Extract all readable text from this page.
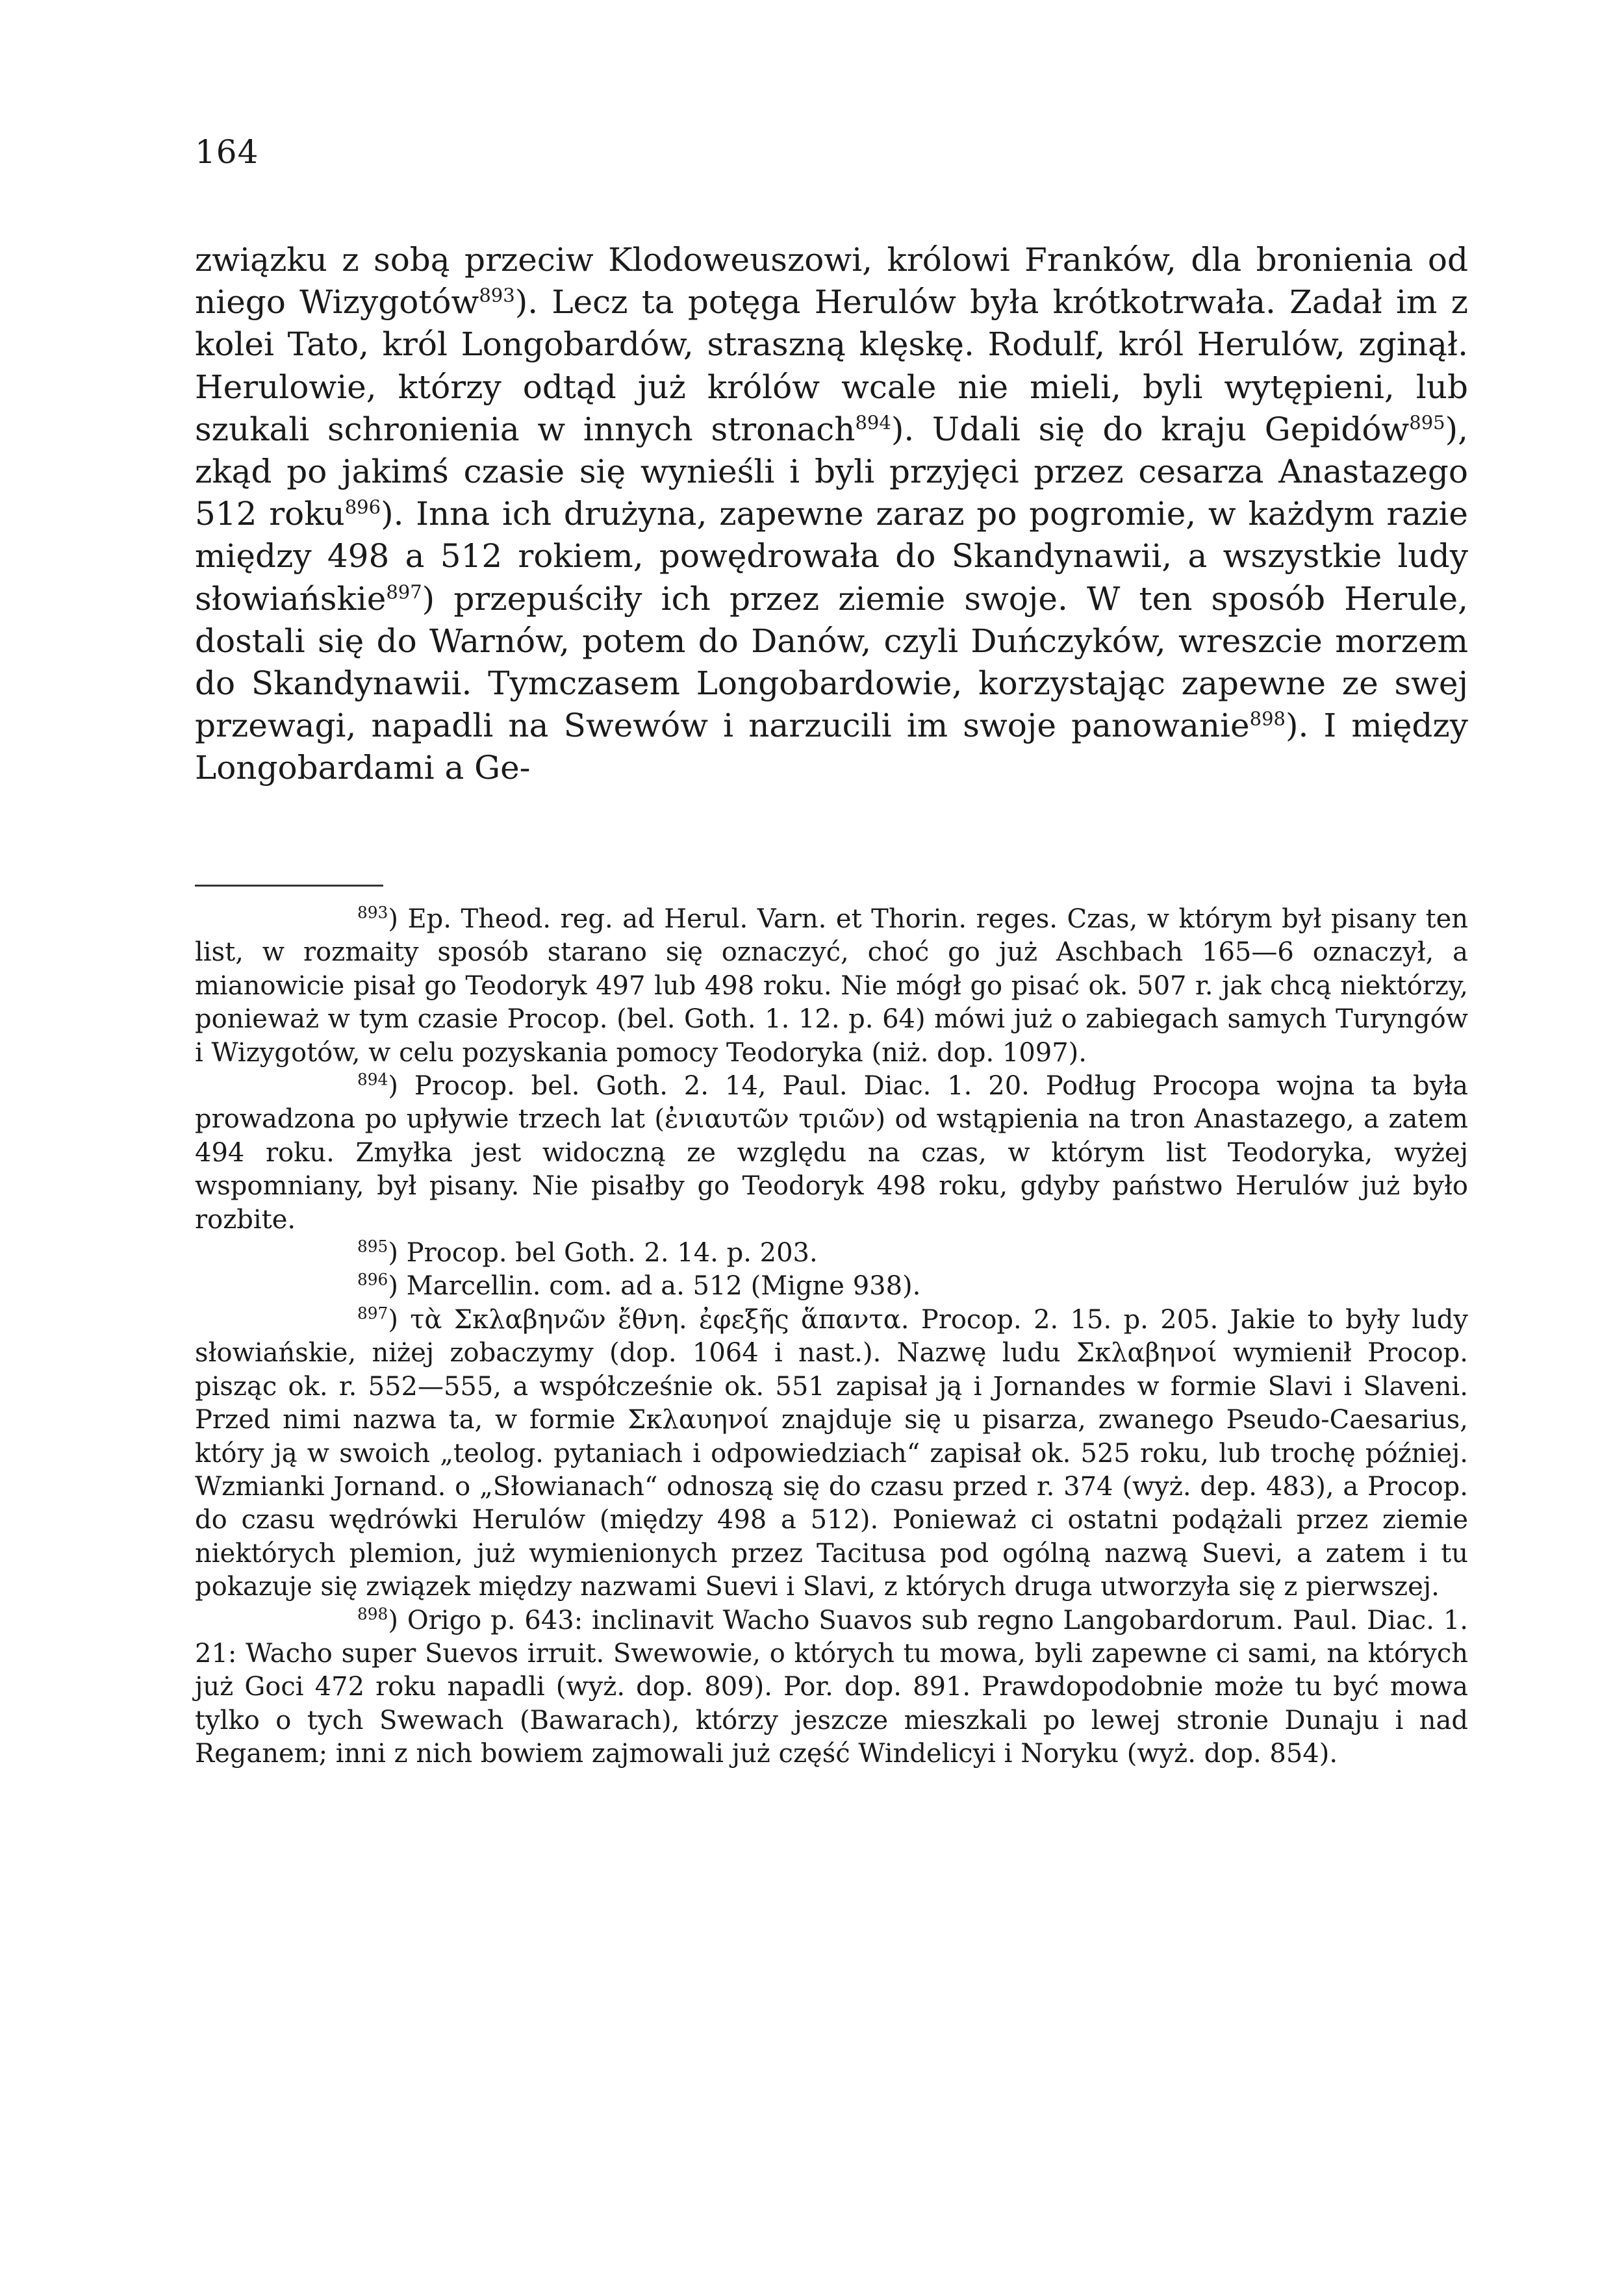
164

związku z sobą przeciw Klodoweuszowi, królowi Franków, dla bronienia od niego Wizygotów$^{893}$). Lecz ta potęga Herulów była krótkotrwała. Zadał im z kolei Tato, król Longobardów, straszną klęskę. Rodulf, król Herulów, zginął. Herulowie, którzy odtąd już królów wcale nie mieli, byli wytępieni, lub szukali schronienia w innych stronach$^{894}$). Udali się do kraju Gepidów$^{895}$), zkąd po jakimś czasie się wynieśli i byli przyjęci przez cesarza Anastazego 512 roku$^{896}$). Inna ich drużyna, zapewne zaraz po pogromie, w każdym razie między 498 a 512 rokiem, powędrowała do Skandynawii, a wszystkie ludy słowiańskie$^{897}$) przepuściły ich przez ziemie swoje. W ten sposób Herule, dostali się do Warnów, potem do Danów, czyli Duńczyków, wreszcie morzem do Skandynawii. Tymczasem Longobardowie, korzystając zapewne ze swej przewagi, napadli na Swewów i narzucili im swoje panowanie$^{898}$). I między Longobardami a Ge-

$^{893}$) Ep. Theod. reg. ad Herul. Varn. et Thorin. reges. Czas, w którym był pisany ten list, w rozmaity sposób starano się oznaczyć, choć go już Aschbach 165—6 oznaczył, a mianowicie pisał go Teodoryk 497 lub 498 roku. Nie mógł go pisać ok. 507 r. jak chcą niektórzy, ponieważ w tym czasie Procop. (bel. Goth. 1. 12. p. 64) mówi już o zabiegach samych Turyngów i Wizygotów, w celu pozyskania pomocy Teodoryka (niż. dop. 1097).

$^{894}$) Procop. bel. Goth. 2. 14, Paul. Diac. 1. 20. Podług Procopa wojna ta była prowadzona po upływie trzech lat (ἐνιαυτῶν τριῶν) od wstąpienia na tron Anastazego, a zatem 494 roku. Zmyłka jest widoczną ze względu na czas, w którym list Teodoryka, wyżej wspomniany, był pisany. Nie pisałby go Teodoryk 498 roku, gdyby państwo Herulów już było rozbite.

$^{895}$) Procop. bel Goth. 2. 14. p. 203.

$^{896}$) Marcellin. com. ad a. 512 (Migne 938).

$^{897}$) τὰ Σκλαβηνῶν ἔθνη. ἐφεξῆς ἅπαντα. Procop. 2. 15. p. 205. Jakie to były ludy słowiańskie, niżej zobaczymy (dop. 1064 i nast.). Nazwę ludu Σκλαβηνοί wymienił Procop. pisząc ok. r. 552—555, a współcześnie ok. 551 zapisał ją i Jornandes w formie Slavi i Slaveni. Przed nimi nazwa ta, w formie Σκλαυηνοί znajduje się u pisarza, zwanego Pseudo-Caesarius, który ją w swoich „teolog. pytaniach i odpowiedziach“ zapisał ok. 525 roku, lub trochę później. Wzmianki Jornand. o „Słowianach“ odnoszą się do czasu przed r. 374 (wyż. dep. 483), a Procop. do czasu wędrówki Herulów (między 498 a 512). Ponieważ ci ostatni podążali przez ziemie niektórych plemion, już wymienionych przez Tacitusa pod ogólną nazwą Suevi, a zatem i tu pokazuje się związek między nazwami Suevi i Slavi, z których druga utworzyła się z pierwszej.

$^{898}$) Origo p. 643: inclinavit Wacho Suavos sub regno Langobardorum. Paul. Diac. 1. 21: Wacho super Suevos irruit. Swewowie, o których tu mowa, byli zapewne ci sami, na których już Goci 472 roku napadli (wyż. dop. 809). Por. dop. 891. Prawdopodobnie może tu być mowa tylko o tych Swewach (Bawarach), którzy jeszcze mieszkali po lewej stronie Dunaju i nad Reganem; inni z nich bowiem zajmowali już część Windelicyi i Noryku (wyż. dop. 854).
